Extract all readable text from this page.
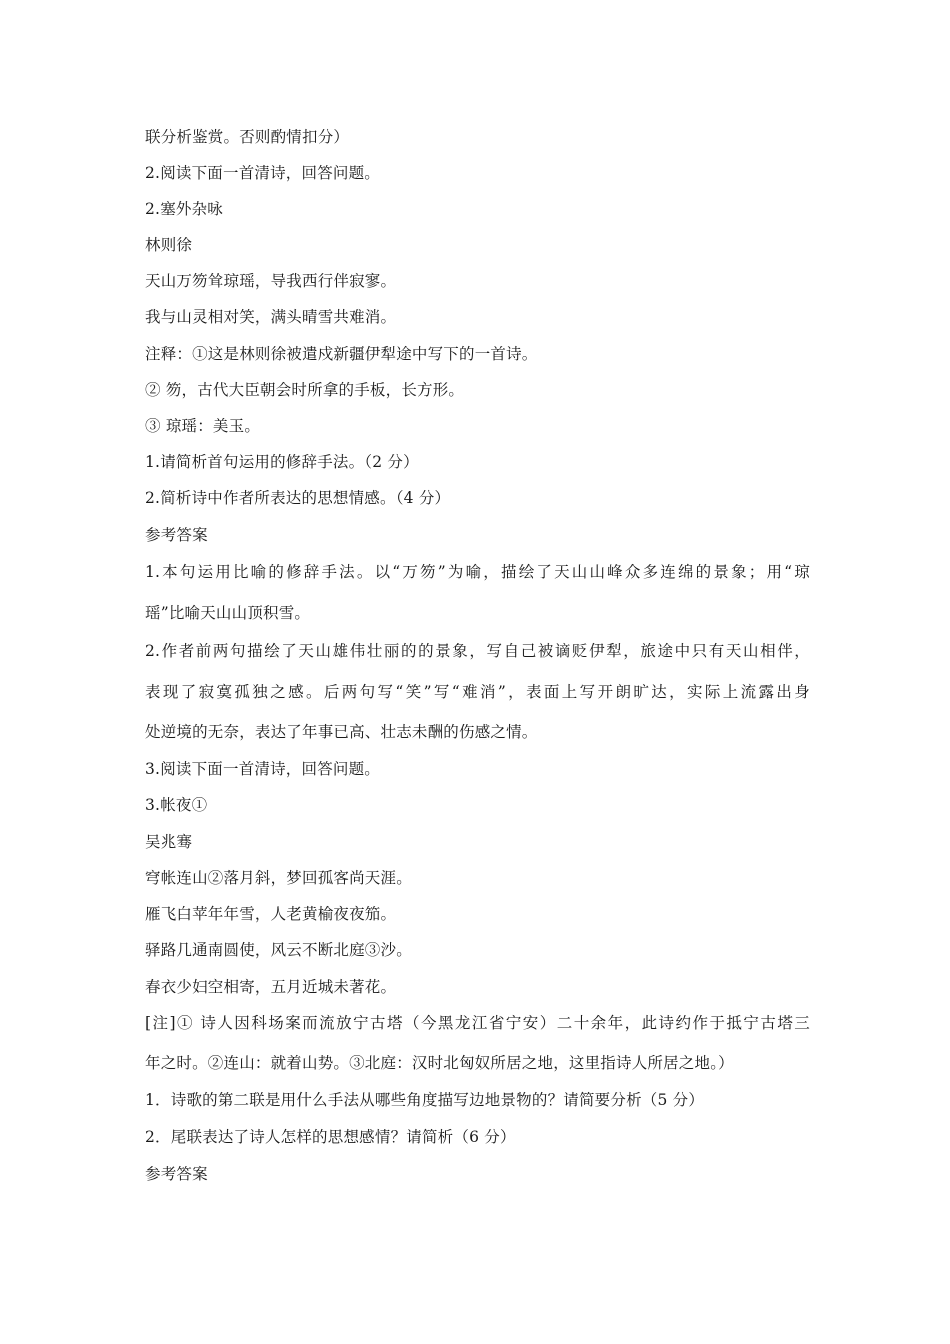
联分析鉴赏。否则酌情扣分）
2.阅读下面一首清诗，回答问题。
2.塞外杂咏
林则徐
天山万笏耸琼瑶，导我西行伴寂寥。
我与山灵相对笑，满头晴雪共难消。
注释：①这是林则徐被遣戍新疆伊犁途中写下的一首诗。
② 笏，古代大臣朝会时所拿的手板，长方形。
③ 琼瑶：美玉。
1.请简析首句运用的修辞手法。（2 分）
2.简析诗中作者所表达的思想情感。（4 分）
参考答案
1.本句运用比喻的修辞手法。以“万笏”为喻，描绘了天山山峰众多连绵的景象；用“琼
瑶”比喻天山山顶积雪。
2.作者前两句描绘了天山雄伟壮丽的的景象，写自己被谪贬伊犁，旅途中只有天山相伴，
表现了寂寞孤独之感。后两句写“笑”写“难消”，表面上写开朗旷达，实际上流露出身
处逆境的无奈，表达了年事已高、壮志未酬的伤感之情。
3.阅读下面一首清诗，回答问题。
3.帐夜①
吴兆骞
穹帐连山②落月斜，梦回孤客尚天涯。
雁飞白苹年年雪，人老黄榆夜夜笳。
驿路几通南圆使，风云不断北庭③沙。
春衣少妇空相寄，五月近城未著花。
[注]① 诗人因科场案而流放宁古塔（今黑龙江省宁安）二十余年，此诗约作于抵宁古塔三
年之时。②连山：就着山势。③北庭：汉时北匈奴所居之地，这里指诗人所居之地。）
1．诗歌的第二联是用什么手法从哪些角度描写边地景物的？请简要分析（5 分）
2．尾联表达了诗人怎样的思想感情？请简析（6 分）
参考答案
